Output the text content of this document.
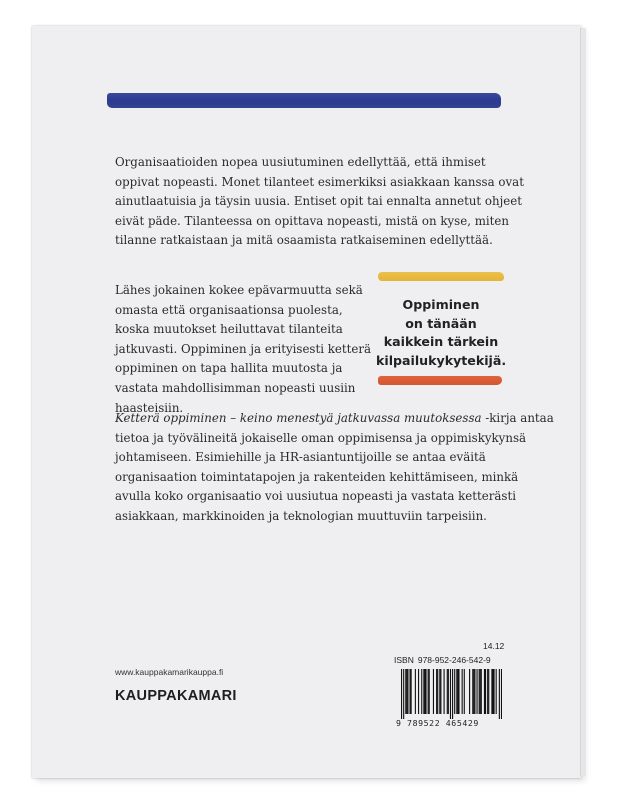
Organisaatioiden nopea uusiutuminen edellyttää, että ihmiset
oppivat nopeasti. Monet tilanteet esimerkiksi asiakkaan kanssa ovat
ainutlaatuisia ja täysin uusia. Entiset opit tai ennalta annetut ohjeet
eivät päde. Tilanteessa on opittava nopeasti, mistä on kyse, miten
tilanne ratkaistaan ja mitä osaamista ratkaiseminen edellyttää.

Lähes jokainen kokee epävarmuutta sekä
omasta että organisaationsa puolesta,
koska muutokset heiluttavat tilanteita
jatkuvasti. Oppiminen ja erityisesti ketterä
oppiminen on tapa hallita muutosta ja
vastata mahdollisimman nopeasti uusiin
haasteisiin.

Oppiminen
on tänään
kaikkein tärkein
kilpailukykytekijä.

Ketterä oppiminen – keino menestyä jatkuvassa muutoksessa -kirja antaa
tietoa ja työvälineitä jokaiselle oman oppimisensa ja oppimiskykynsä
johtamiseen. Esimiehille ja HR-asiantuntijoille se antaa eväitä
organisaation toimintatapojen ja rakenteiden kehittämiseen, minkä
avulla koko organisaatio voi uusiutua nopeasti ja vastata ketterästi
asiakkaan, markkinoiden ja teknologian muuttuviin tarpeisiin.

14.12
ISBN 978-952-246-542-9
9 789522 465429
www.kauppakamarikauppa.fi
KAUPPAKAMARI
